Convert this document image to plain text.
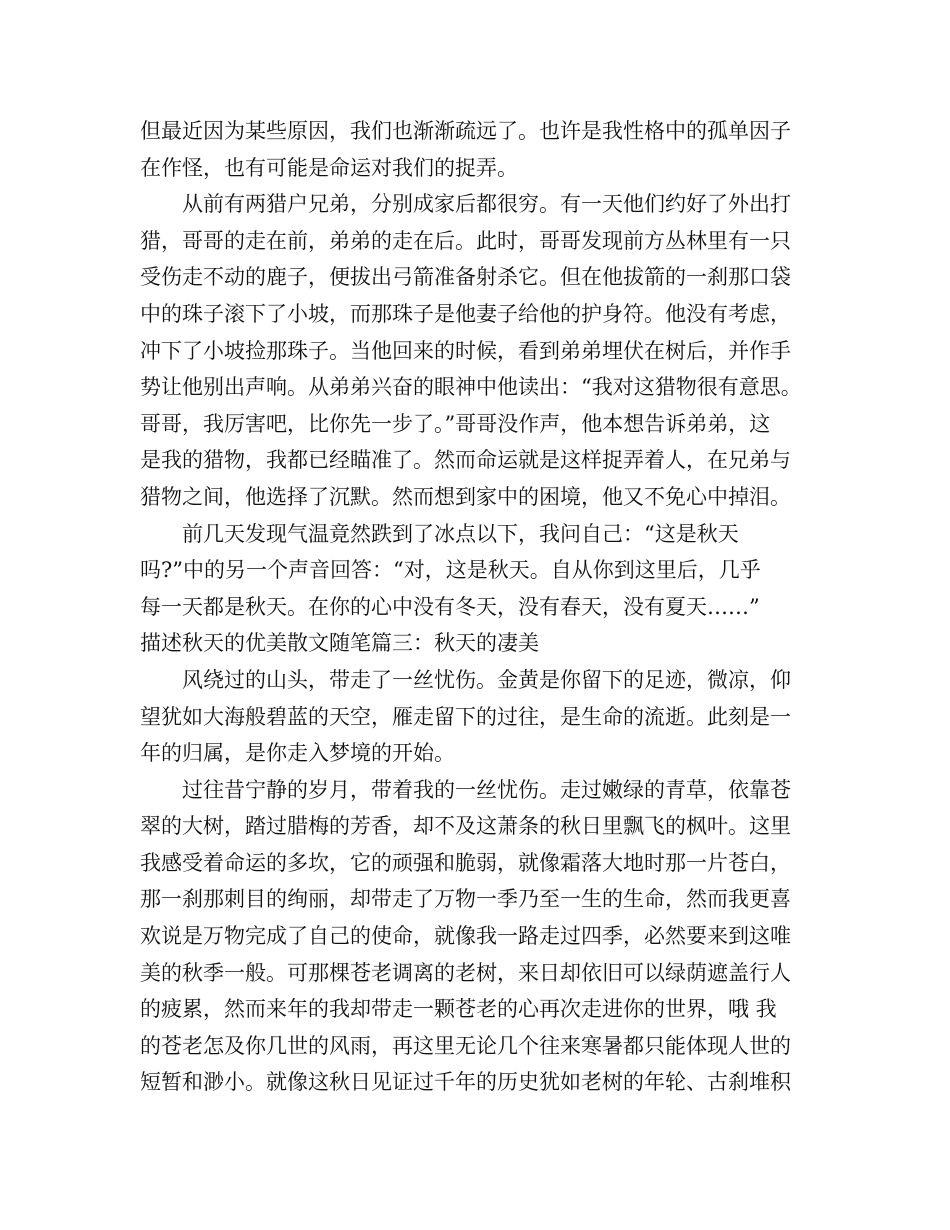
但最近因为某些原因，我们也渐渐疏远了。也许是我性格中的孤单因子
在作怪，也有可能是命运对我们的捉弄。
从前有两猎户兄弟，分别成家后都很穷。有一天他们约好了外出打
猎，哥哥的走在前，弟弟的走在后。此时，哥哥发现前方丛林里有一只
受伤走不动的鹿子，便拔出弓箭准备射杀它。但在他拔箭的一刹那口袋
中的珠子滚下了小坡，而那珠子是他妻子给他的护身符。他没有考虑，
冲下了小坡捡那珠子。当他回来的时候，看到弟弟埋伏在树后，并作手
势让他别出声响。从弟弟兴奋的眼神中他读出：“我对这猎物很有意思。
哥哥，我厉害吧，比你先一步了。”哥哥没作声，他本想告诉弟弟，这
是我的猎物，我都已经瞄准了。然而命运就是这样捉弄着人，在兄弟与
猎物之间，他选择了沉默。然而想到家中的困境，他又不免心中掉泪。
前几天发现气温竟然跌到了冰点以下，我问自己：“这是秋天
吗?”中的另一个声音回答：“对，这是秋天。自从你到这里后，几乎
每一天都是秋天。在你的心中没有冬天，没有春天，没有夏天……”
描述秋天的优美散文随笔篇三：秋天的凄美
风绕过的山头，带走了一丝忧伤。金黄是你留下的足迹，微凉，仰
望犹如大海般碧蓝的天空，雁走留下的过往，是生命的流逝。此刻是一
年的归属，是你走入梦境的开始。
过往昔宁静的岁月，带着我的一丝忧伤。走过嫩绿的青草，依靠苍
翠的大树，踏过腊梅的芳香，却不及这萧条的秋日里飘飞的枫叶。这里
我感受着命运的多坎，它的顽强和脆弱，就像霜落大地时那一片苍白，
那一刹那刺目的绚丽，却带走了万物一季乃至一生的生命，然而我更喜
欢说是万物完成了自己的使命，就像我一路走过四季，必然要来到这唯
美的秋季一般。可那棵苍老调离的老树，来日却依旧可以绿荫遮盖行人
的疲累，然而来年的我却带走一颗苍老的心再次走进你的世界，哦 我
的苍老怎及你几世的风雨，再这里无论几个往来寒暑都只能体现人世的
短暂和渺小。就像这秋日见证过千年的历史犹如老树的年轮、古刹堆积
